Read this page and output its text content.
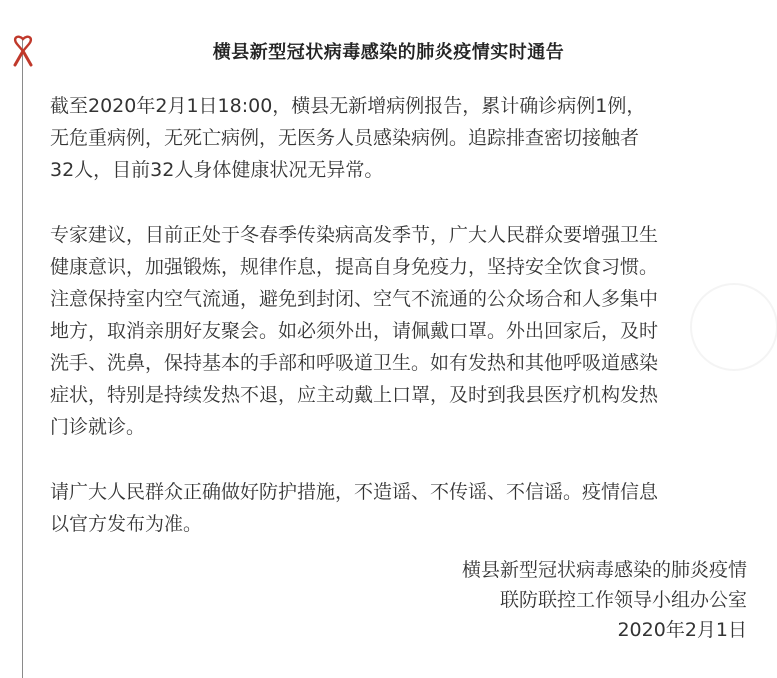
横县新型冠状病毒感染的肺炎疫情实时通告

截至2020年2月1日18:00，横县无新增病例报告，累计确诊病例1例，
无危重病例，无死亡病例，无医务人员感染病例。追踪排查密切接触者
32人，目前32人身体健康状况无异常。

专家建议，目前正处于冬春季传染病高发季节，广大人民群众要增强卫生
健康意识，加强锻炼，规律作息，提高自身免疫力，坚持安全饮食习惯。
注意保持室内空气流通，避免到封闭、空气不流通的公众场合和人多集中
地方，取消亲朋好友聚会。如必须外出，请佩戴口罩。外出回家后，及时
洗手、洗鼻，保持基本的手部和呼吸道卫生。如有发热和其他呼吸道感染
症状，特别是持续发热不退，应主动戴上口罩，及时到我县医疗机构发热
门诊就诊。

请广大人民群众正确做好防护措施，不造谣、不传谣、不信谣。疫情信息
以官方发布为准。

横县新型冠状病毒感染的肺炎疫情
联防联控工作领导小组办公室
2020年2月1日
